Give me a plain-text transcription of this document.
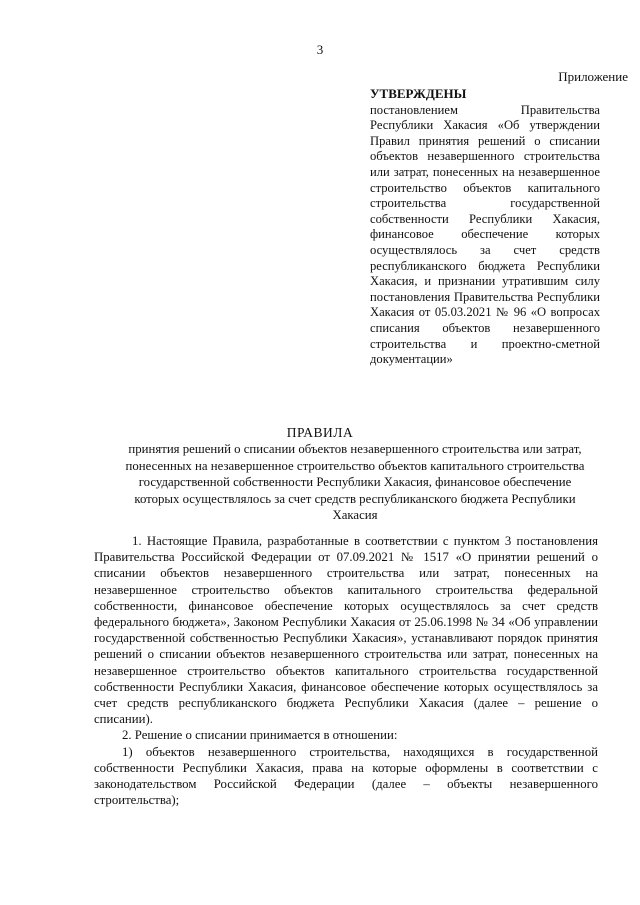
3
Приложение
УТВЕРЖДЕНЫ
постановлением Правительства Республики Хакасия «Об утверждении Правил принятия решений о списании объектов незавершенного строительства или затрат, понесенных на незавершенное строительство объектов капитального строительства государственной собственности Республики Хакасия, финансовое обеспечение которых осуществлялось за счет средств республиканского бюджета Республики Хакасия, и признании утратившим силу постановления Правительства Республики Хакасия от 05.03.2021 № 96 «О вопросах списания объектов незавершенного строительства и проектно-сметной документации»
ПРАВИЛА
принятия решений о списании объектов незавершенного строительства или затрат, понесенных на незавершенное строительство объектов капитального строительства государственной собственности Республики Хакасия, финансовое обеспечение которых осуществлялось за счет средств республиканского бюджета Республики Хакасия

1. Настоящие Правила, разработанные в соответствии с пунктом 3 постановления Правительства Российской Федерации от 07.09.2021 № 1517 «О принятии решений о списании объектов незавершенного строительства или затрат, понесенных на незавершенное строительство объектов капитального строительства федеральной собственности, финансовое обеспечение которых осуществлялось за счет средств федерального бюджета», Законом Республики Хакасия от 25.06.1998 № 34 «Об управлении государственной собственностью Республики Хакасия», устанавливают порядок принятия решений о списании объектов незавершенного строительства или затрат, понесенных на незавершенное строительство объектов капитального строительства государственной собственности Республики Хакасия, финансовое обеспечение которых осуществлялось за счет средств республиканского бюджета Республики Хакасия (далее – решение о списании).

2. Решение о списании принимается в отношении:

1) объектов незавершенного строительства, находящихся в государственной собственности Республики Хакасия, права на которые оформлены в соответствии с законодательством Российской Федерации (далее – объекты незавершенного строительства);
